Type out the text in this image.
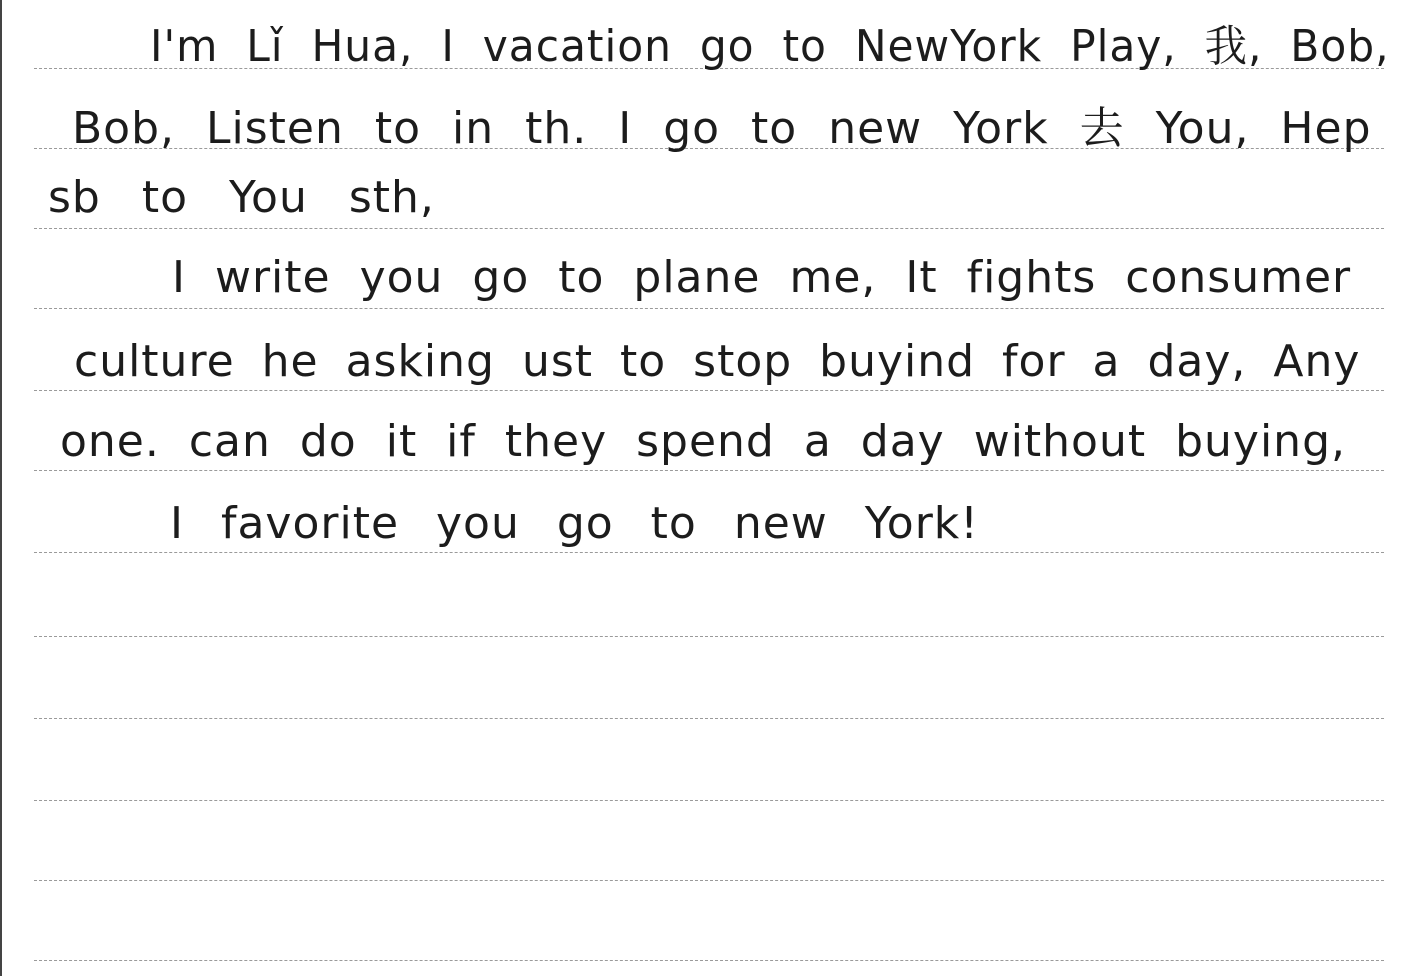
I'm Lǐ Hua, I vacation go to NewYork Play, 我, Bob,

Bob, Listen to in th. I go to new York 去 You, Hep

sb to You sth,

I write you go to plane me, It fights consumer

culture he asking ust to stop buyind for a day, Any

one. can do it if they spend a day without buying,

I favorite you go to new York!
